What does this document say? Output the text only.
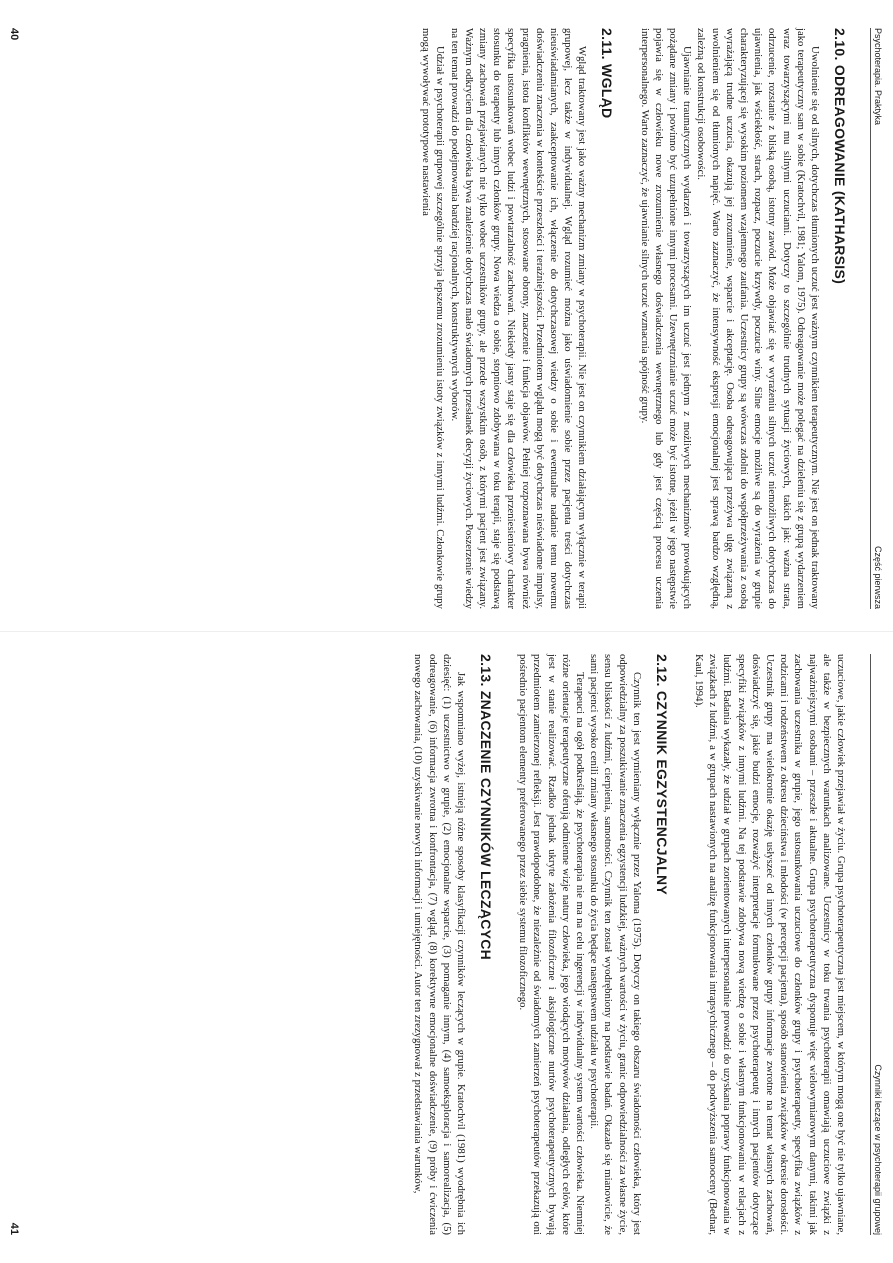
Psychoterapia. Praktyka
Część pierwsza
2.10. ODREAGOWANIE (KATHARSIS)

Uwolnienie się od silnych, dotychczas tłumionych uczuć jest ważnym czynnikiem terapeutycznym. Nie jest on jednak traktowany jako terapeutyczny sam w sobie (Kratochvil, 1981; Yalom, 1975). Odreagowanie może polegać na dzieleniu się z grupą wydarzeniem wraz towarzyszącymi mu silnymi uczuciami. Dotyczy to szczególnie trudnych sytuacji życiowych, takich jak: ważna strata, odrzucenie, rozstanie z bliską osobą, istotny zawód. Może objawiać się w wyrażeniu silnych uczuć niemożliwych dotychczas do ujawnienia, jak wściekłość, strach, rozpacz, poczucie krzywdy, poczucie winy. Silne emocje możliwe są do wyrażenia w grupie charakteryzującej się wysokim poziomem wzajemnego zaufania. Uczestnicy grupy są wówczas zdolni do współprzeżywania z osobą wyrażającą trudne uczucia, okazują jej zrozumienie, wsparcie i akceptację. Osoba odreagowująca przeżywa ulgę związaną z uwolnieniem się od tłumionych napięć. Warto zaznaczyć, że intensywność ekspresji emocjonalnej jest sprawą bardzo względną, zależną od konstrukcji osobowości.

Ujawnianie traumatycznych wydarzeń i towarzyszących im uczuć jest jednym z możliwych mechanizmów prowokujących pożądane zmiany i powinno być uzupełnione innymi procesami. Uzewnętrznianie uczuć może być istotne, jeżeli w jego następstwie pojawia się w człowieku nowe zrozumienie własnego doświadczenia wewnętrznego lub gdy jest częścią procesu uczenia interpersonalnego. Warto zaznaczyć, że ujawnianie silnych uczuć wzmacnia spójność grupy.

2.11. WGLĄD

Wgląd traktowany jest jako ważny mechanizm zmiany w psychoterapii. Nie jest on czynnikiem działającym wyłącznie w terapii grupowej, lecz także w indywidualnej. Wgląd rozumieć można jako uświadomienie sobie przez pacjenta treści dotychczas nieuświadamianych, zaakceptowanie ich, włączenie do dotychczasowej wiedzy o sobie i ewentualne nadanie temu nowemu doświadczeniu znaczenia w kontekście przeszłości i teraźniejszości. Przedmiotem wglądu mogą być dotychczas nieświadome impulsy, pragnienia, istota konfliktów wewnętrznych, stosowane obrony, znaczenie i funkcja objawów. Pełniej rozpoznawana bywa również specyfika ustosunkowań wobec ludzi i powtarzalność zachowań. Niekiedy jasny staje się dla człowieka przeniesieniowy charakter stosunku do terapeuty lub innych członków grupy. Nowa wiedza o sobie, stopniowo zdobywana w toku terapii, staje się podstawą zmiany zachowań przejawianych nie tylko wobec uczestników grupy, ale przede wszystkim osób, z którymi pacjent jest związany. Ważnym odkryciem dla człowieka bywa znalezienie dotychczas mało świadomych przesłanek decyzji życiowych. Poszerzenie wiedzy na ten temat prowadzi do podejmowania bardziej racjonalnych, konstruktywnych wyborów.

Udział w psychoterapii grupowej szczególnie sprzyja lepszemu zrozumieniu istoty związków z innymi ludźmi. Członkowie grupy mogą wywoływać prototypowe nastawienia

40
Czynniki leczące w psychoterapii grupowej

uczuciowe, jakie człowiek przejawiał w życiu. Grupa psychoterapeutyczna jest miejscem, w którym mogą one być nie tylko ujawniane, ale także w bezpiecznych warunkach analizowane. Uczestnicy w toku trwania psychoterapii omawiają uczuciowe związki z najważniejszymi osobami – przeszłe i aktualne. Grupa psychoterapeutyczna dysponuje więc wielowymiarowym danymi, takimi jak zachowania uczestnika w grupie, jego ustosunkowania uczuciowe do członków grupy i psychoterapeuty, specyfika związków z rodzicami i rodzeństwem z okresu dzieciństwa i młodości (w percepcji pacjenta), sposób stanowienia związków w okresie dorosłości. Uczestnik grupy ma wielokrotnie okazję usłyszeć od innych członków grupy informacje zwrotne na temat własnych zachowań, doświadczyć się, jakie budzi emocje, rozważyć interpretacje formułowane przez psychoterapeutę i innych pacjentów dotyczące specyfiki związków z innymi ludźmi. Na tej podstawie zdobywa nową wiedzę o sobie i własnym funkcjonowaniu w relacjach z ludźmi. Badania wykazały, że udział w grupach zorientowanych interpersonalnie prowadzi do uzyskania poprawy funkcjonowania w związkach z ludźmi, a w grupach nastawionych na analizę funkcjonowania intrapsychicznego – do podwyższenia samooceny (Bednar, Kaul, 1994).

2.12. CZYNNIK EGZYSTENCJALNY

Czynnik ten jest wymieniany wyłącznie przez Yaloma (1975). Dotyczy on takiego obszaru świadomości człowieka, który jest odpowiedzialny za poszukiwanie znaczenia egzystencji ludzkiej, ważnych wartości w życiu, granic odpowiedzialności za własne życie, sensu bliskości z ludźmi, cierpienia, samotności. Czynnik ten został wyodrębniony na podstawie badań. Okazało się mianowicie, że sami pacjenci wysoko cenili zmiany własnego stosunku do życia będące następstwem udziału w psychoterapii.

Terapeuci na ogół podkreślają, że psychoterapia nie ma na celu ingerencji w indywidualny system wartości człowieka. Niemniej różne orientacje terapeutyczne oferują odmienne wizje natury człowieka, jego wiodących motywów działania, odległych celów, które jest w stanie realizować. Rzadko jednak ukryte założenia filozoficzne i aksjologiczne nurtów psychoterapeutycznych bywają przedmiotem zamierzonej refleksji. Jest prawdopodobne, że niezależnie od świadomych zamierzeń psychoterapeutów przekazują oni pośrednio pacjentom elementy preferowanego przez siebie systemu filozoficznego.

2.13. ZNACZENIE CZYNNIKÓW LECZĄCYCH

Jak wspomniano wyżej, istnieją różne sposoby klasyfikacji czynników leczących w grupie. Kratochvil (1981) wyodrębnia ich dziesięć: (1) uczestnictwo w grupie, (2) emocjonalne wsparcie, (3) pomaganie innym, (4) samoeksploracja i samorealizacja, (5) odreagowanie, (6) informacja zwrotna i konfrontacja, (7) wgląd, (8) korektywne emocjonalne doświadczenie, (9) próby i ćwiczenia nowego zachowania, (10) uzyskiwanie nowych informacji i umiejętności. Autor ten zrezygnował z przedstawiania warunków,

41
